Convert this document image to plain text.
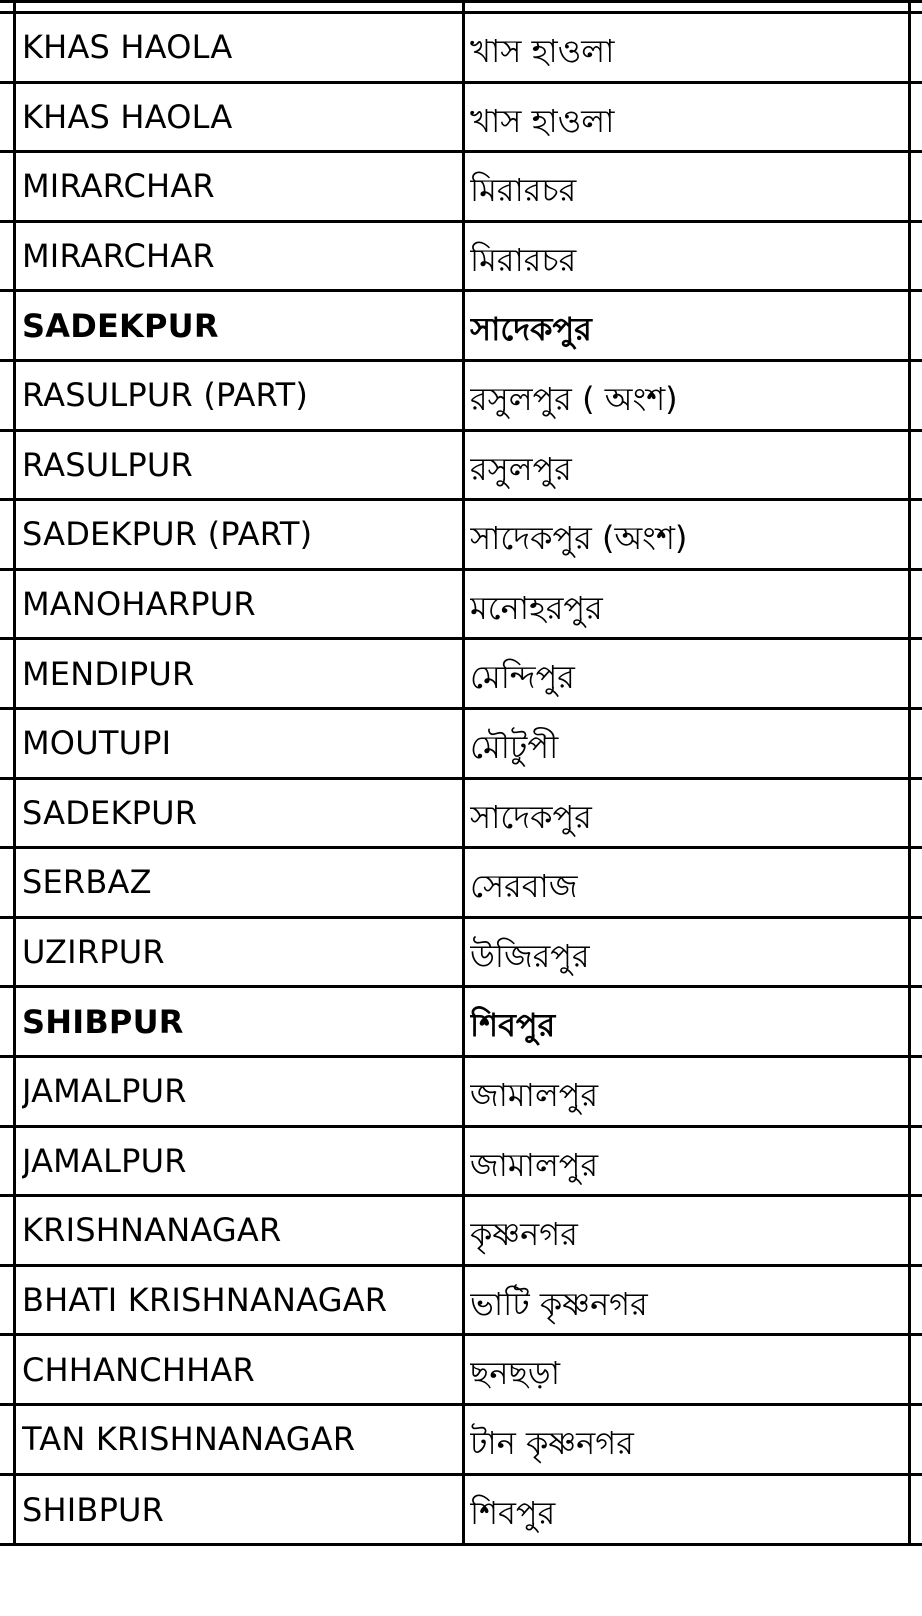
KHAS HAOLA	খাস হাওলা
KHAS HAOLA	খাস হাওলা
MIRARCHAR	মিরারচর
MIRARCHAR	মিরারচর
SADEKPUR	সাদেকপুর
RASULPUR (PART)	রসুলপুর ( অংশ)
RASULPUR	রসুলপুর
SADEKPUR (PART)	সাদেকপুর (অংশ)
MANOHARPUR	মনোহরপুর
MENDIPUR	মেন্দিপুর
MOUTUPI	মৌটুপী
SADEKPUR	সাদেকপুর
SERBAZ	সেরবাজ
UZIRPUR	উজিরপুর
SHIBPUR	শিবপুর
JAMALPUR	জামালপুর
JAMALPUR	জামালপুর
KRISHNANAGAR	কৃষ্ণনগর
BHATI KRISHNANAGAR	ভাটি কৃষ্ণনগর
CHHANCHHAR	ছনছড়া
TAN KRISHNANAGAR	টান কৃষ্ণনগর
SHIBPUR	শিবপুর
